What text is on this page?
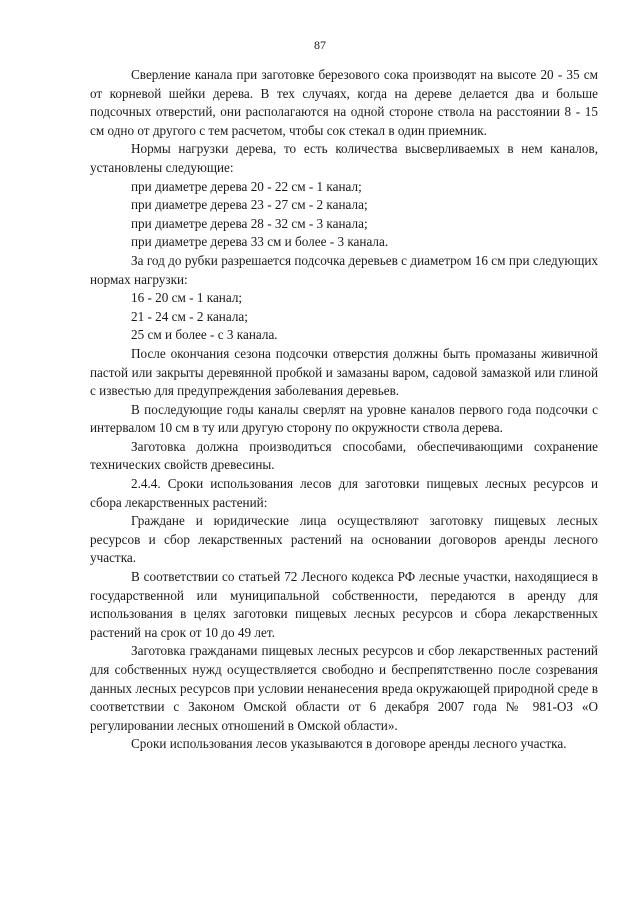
87

Сверление канала при заготовке березового сока производят на высоте 20 - 35 см от корневой шейки дерева. В тех случаях, когда на дереве делается два и больше подсочных отверстий, они располагаются на одной стороне ствола на расстоянии 8 - 15 см одно от другого с тем расчетом, чтобы сок стекал в один приемник.

Нормы нагрузки дерева, то есть количества высверливаемых в нем каналов, установлены следующие:

при диаметре дерева 20 - 22 см - 1 канал;

при диаметре дерева 23 - 27 см - 2 канала;

при диаметре дерева 28 - 32 см - 3 канала;

при диаметре дерева 33 см и более - 3 канала.

За год до рубки разрешается подсочка деревьев с диаметром 16 см при следующих нормах нагрузки:

16 - 20 см - 1 канал;

21 - 24 см - 2 канала;

25 см и более - с 3 канала.

После окончания сезона подсочки отверстия должны быть промазаны живичной пастой или закрыты деревянной пробкой и замазаны варом, садовой замазкой или глиной с известью для предупреждения заболевания деревьев.

В последующие годы каналы сверлят на уровне каналов первого года подсочки с интервалом 10 см в ту или другую сторону по окружности ствола дерева.

Заготовка должна производиться способами, обеспечивающими сохранение технических свойств древесины.

2.4.4. Сроки использования лесов для заготовки пищевых лесных ресурсов и сбора лекарственных растений:

Граждане и юридические лица осуществляют заготовку пищевых лесных ресурсов и сбор лекарственных растений на основании договоров аренды лесного участка.

В соответствии со статьей 72 Лесного кодекса РФ лесные участки, находящиеся в государственной или муниципальной собственности, передаются в аренду для использования в целях заготовки пищевых лесных ресурсов и сбора лекарственных растений на срок от 10 до 49 лет.

Заготовка гражданами пищевых лесных ресурсов и сбор лекарственных растений для собственных нужд осуществляется свободно и беспрепятственно после созревания данных лесных ресурсов при условии ненанесения вреда окружающей природной среде в соответствии с Законом Омской области от 6 декабря 2007 года № 981-ОЗ «О регулировании лесных отношений в Омской области».

Сроки использования лесов указываются в договоре аренды лесного участка.
